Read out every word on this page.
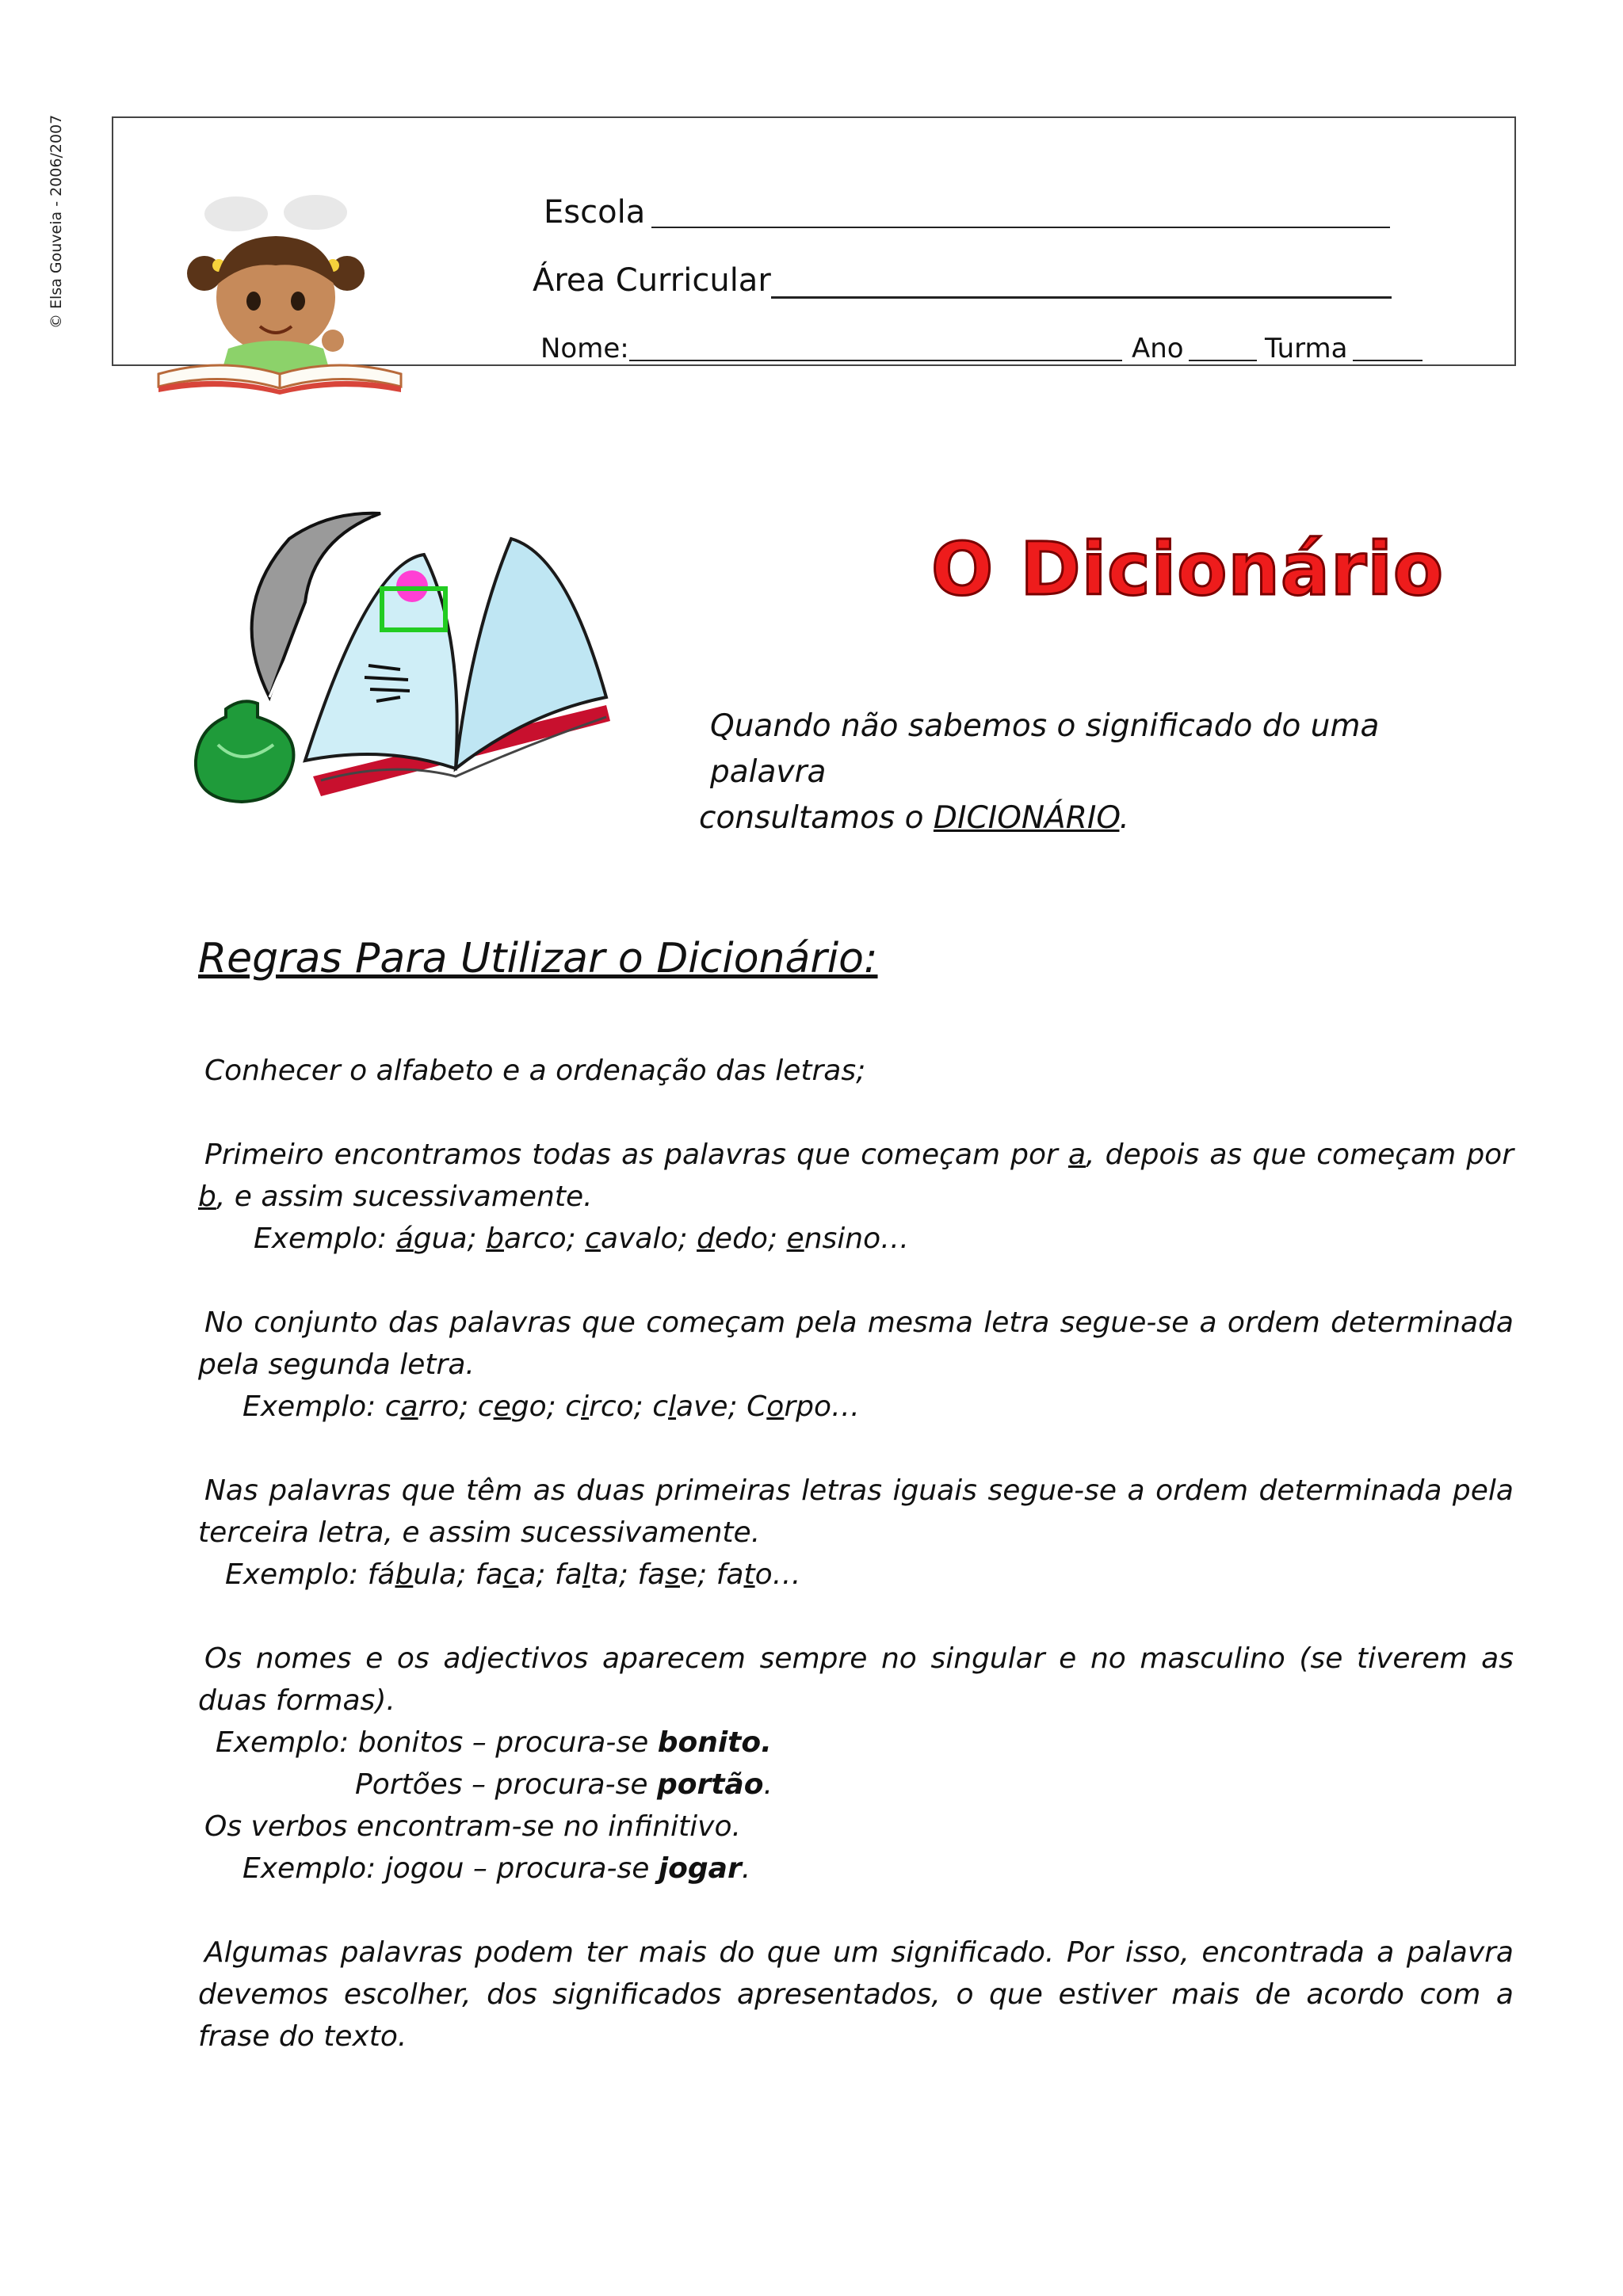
© Elsa Gouveia - 2006/2007	Escola
Área Curricular
Nome:	Ano	Turma
O Dicionário
Quando não sabemos o significado do uma palavra
consultamos o DICIONÁRIO.
Regras Para Utilizar o Dicionário:

Conhecer o alfabeto e a ordenação das letras;

Primeiro encontramos todas as palavras que começam por a, depois as que começam por b, e assim sucessivamente.

Exemplo: água; barco; cavalo; dedo; ensino…

No conjunto das palavras que começam pela mesma letra segue-se a ordem determinada pela segunda letra.

Exemplo: carro; cego; circo; clave; Corpo…

Nas palavras que têm as duas primeiras letras iguais segue-se a ordem determinada pela terceira letra, e assim sucessivamente.

Exemplo: fábula; faca; falta; fase; fato…

Os nomes e os adjectivos aparecem sempre no singular e no masculino (se tiverem as duas formas).

Exemplo: bonitos – procura-se bonito.
Portões – procura-se portão.

Os verbos encontram-se no infinitivo.

Exemplo: jogou – procura-se jogar.

Algumas palavras podem ter mais do que um significado. Por isso, encontrada a palavra devemos escolher, dos significados apresentados, o que estiver mais de acordo com a frase do texto.
